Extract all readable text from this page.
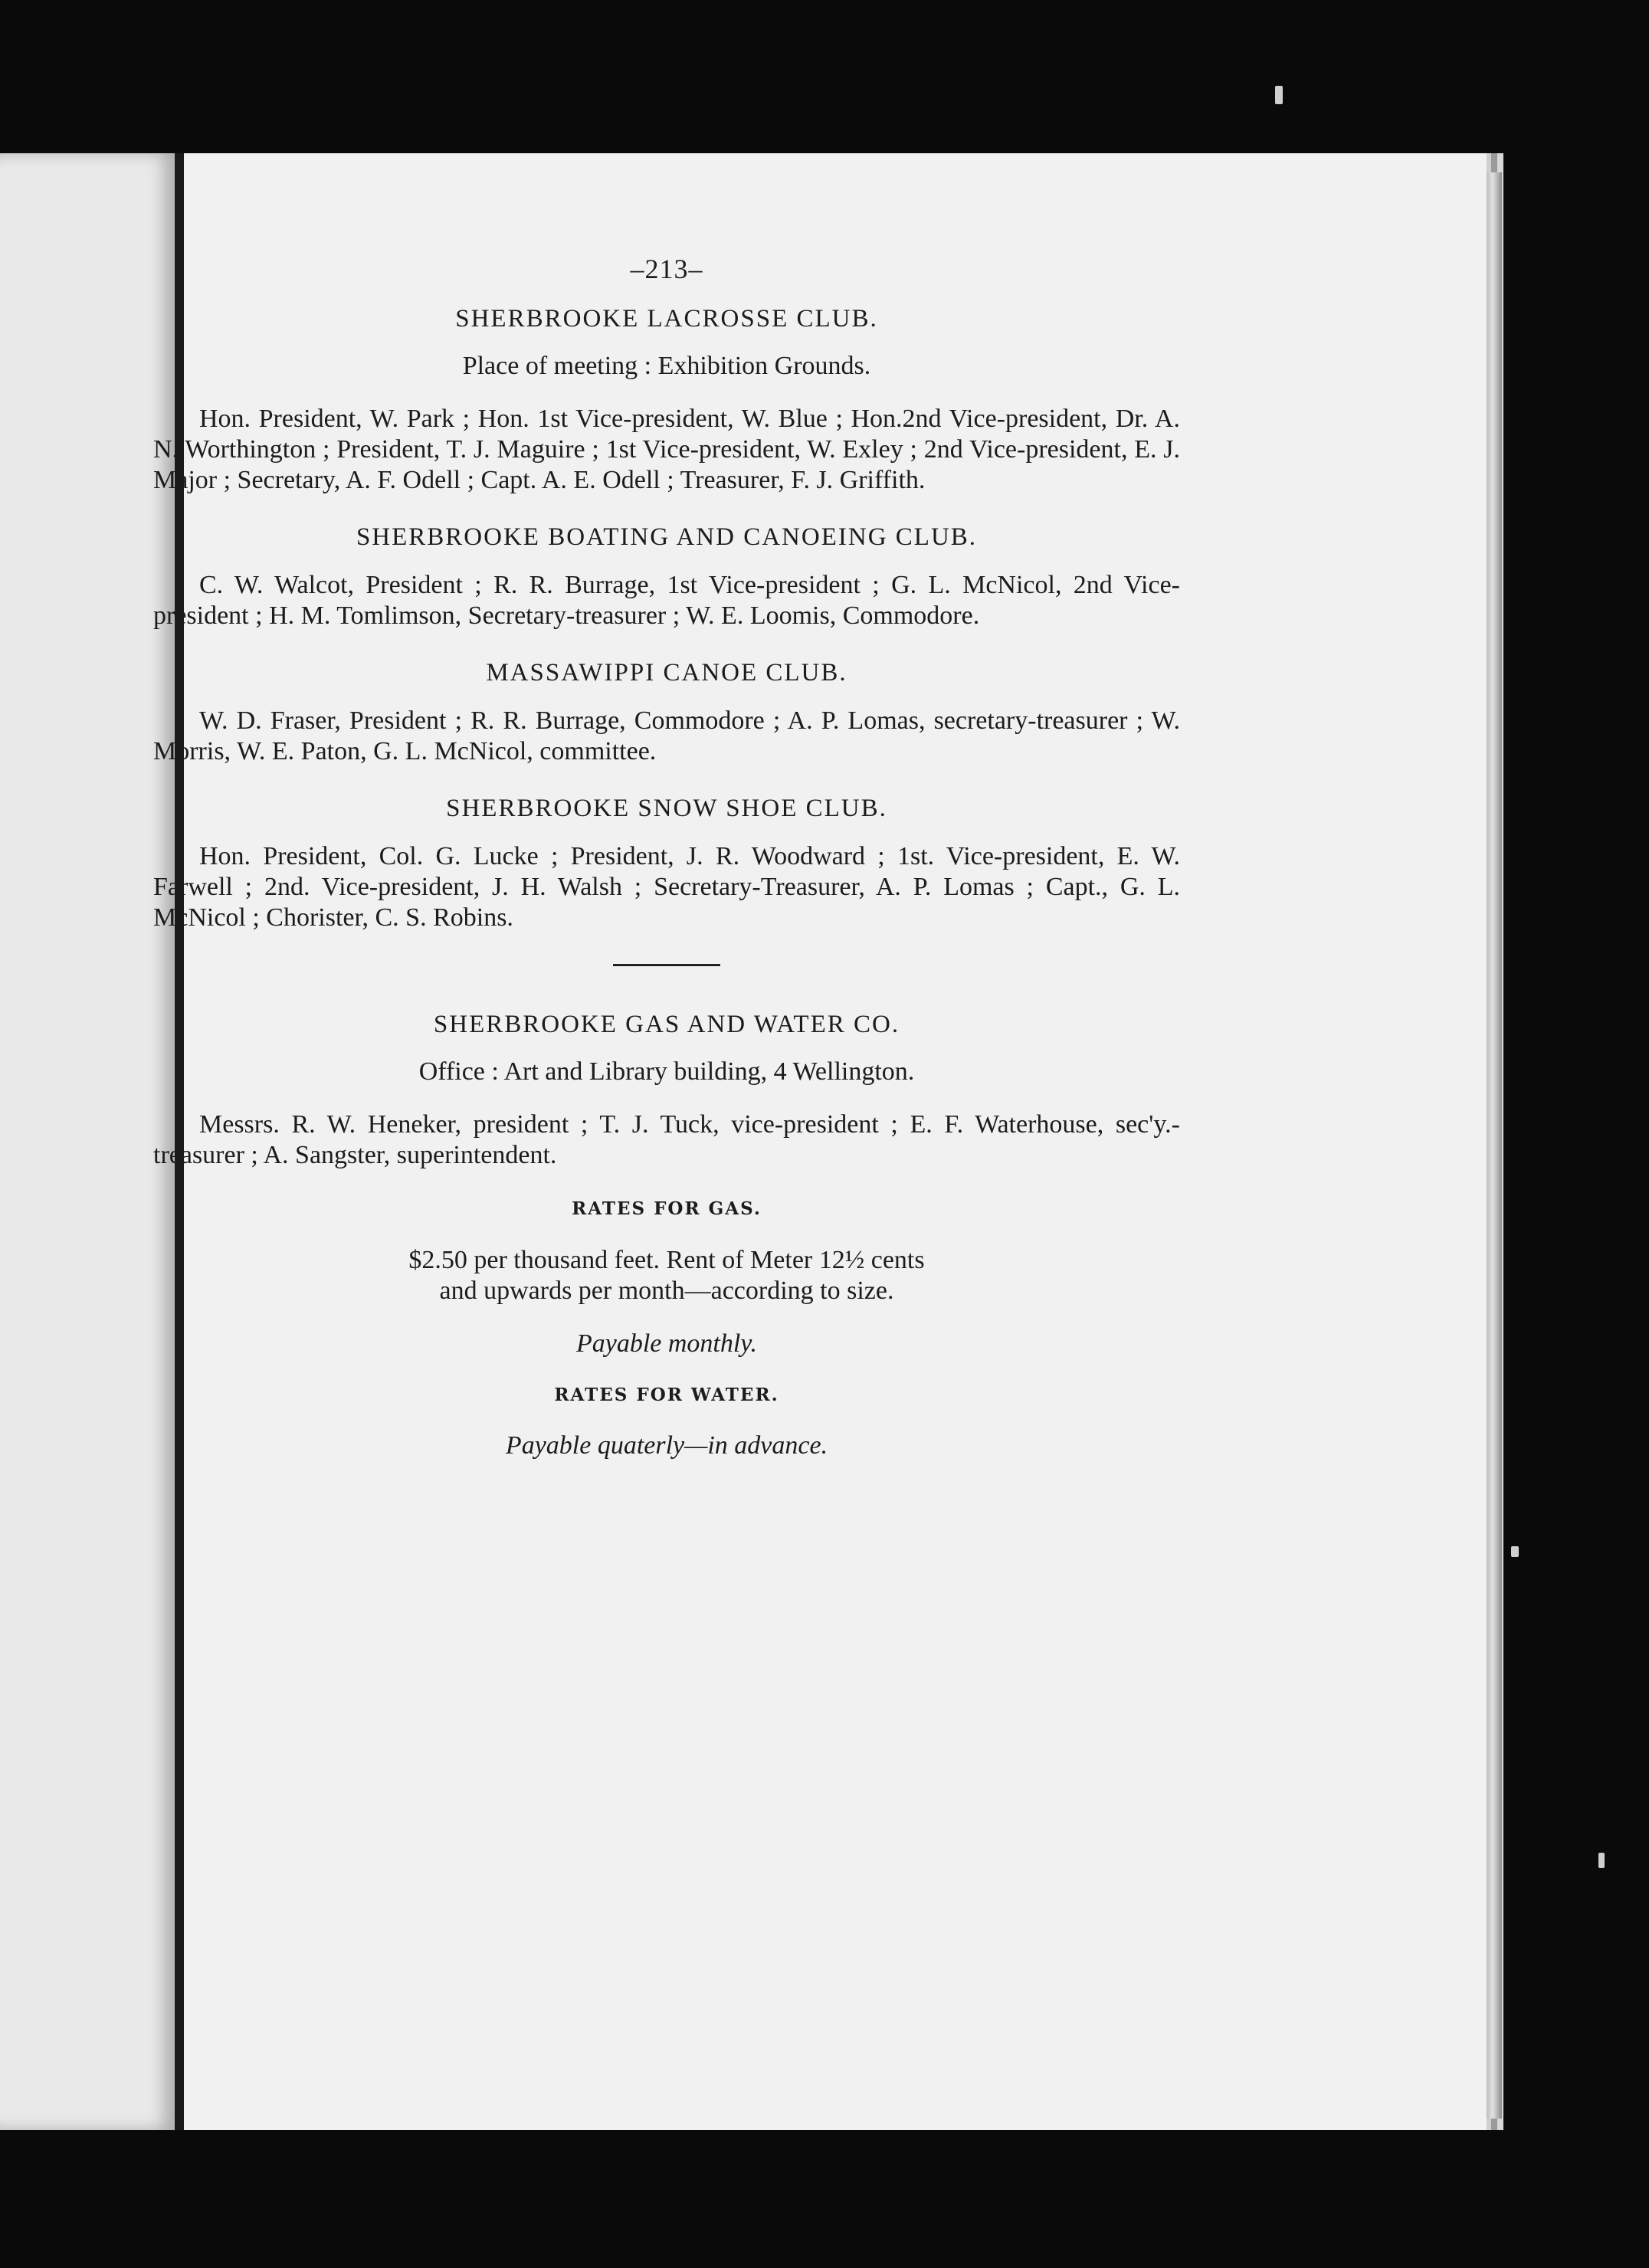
–213–
SHERBROOKE LACROSSE CLUB.
Place of meeting : Exhibition Grounds.

Hon. President, W. Park ; Hon. 1st Vice-president, W. Blue ; Hon.2nd Vice-president, Dr. A. N. Worthington ; President, T. J. Maguire ; 1st Vice-president, W. Exley ; 2nd Vice-president, E. J. Major ; Secretary, A. F. Odell ; Capt. A. E. Odell ; Treasurer, F. J. Griffith.

SHERBROOKE BOATING AND CANOEING CLUB.

C. W. Walcot, President ; R. R. Burrage, 1st Vice-president ; G. L. McNicol, 2nd Vice-president ; H. M. Tomlimson, Secretary-treasurer ; W. E. Loomis, Commodore.

MASSAWIPPI CANOE CLUB.

W. D. Fraser, President ; R. R. Burrage, Commodore ; A. P. Lomas, secretary-treasurer ; W. Morris, W. E. Paton, G. L. McNicol, committee.

SHERBROOKE SNOW SHOE CLUB.

Hon. President, Col. G. Lucke ; President, J. R. Woodward ; 1st. Vice-president, E. W. Farwell ; 2nd. Vice-president, J. H. Walsh ; Secretary-Treasurer, A. P. Lomas ; Capt., G. L. McNicol ; Chorister, C. S. Robins.

SHERBROOKE GAS AND WATER CO.
Office : Art and Library building, 4 Wellington.

Messrs. R. W. Heneker, president ; T. J. Tuck, vice-president ; E. F. Waterhouse, sec'y.-treasurer ; A. Sangster, superintendent.

RATES FOR GAS.
$2.50 per thousand feet. Rent of Meter 12½ cents
and upwards per month—according to size.
Payable monthly.
RATES FOR WATER.
Payable quaterly—in advance.
